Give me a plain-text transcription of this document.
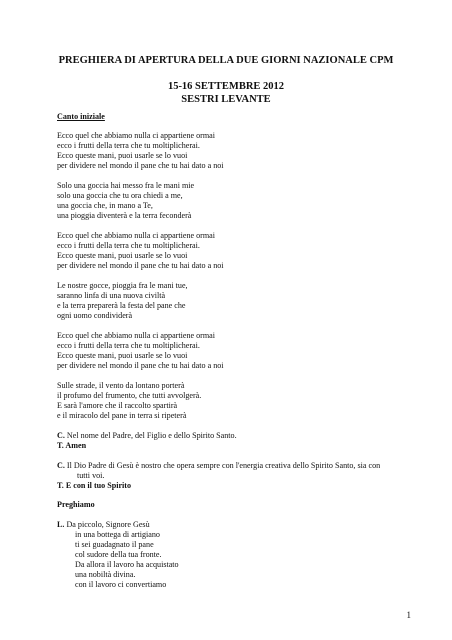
PREGHIERA DI APERTURA DELLA DUE GIORNI NAZIONALE CPM

15-16 SETTEMBRE 2012

SESTRI LEVANTE

Canto iniziale

Ecco quel che abbiamo nulla ci appartiene ormai
ecco i frutti della terra che tu moltiplicherai.
Ecco queste mani, puoi usarle se lo vuoi
per dividere nel mondo il pane che tu hai dato a noi
Solo una goccia hai messo fra le mani mie
solo una goccia che tu ora chiedi a me,
una goccia che, in mano a Te,
una pioggia diventerà e la terra feconderà
Ecco quel che abbiamo nulla ci appartiene ormai
ecco i frutti della terra che tu moltiplicherai.
Ecco queste mani, puoi usarle se lo vuoi
per dividere nel mondo il pane che tu hai dato a noi
Le nostre gocce, pioggia fra le mani tue,
saranno linfa di una nuova civiltà
e la terra preparerà la festa del pane che
ogni uomo condividerà
Ecco quel che abbiamo nulla ci appartiene ormai
ecco i frutti della terra che tu moltiplicherai.
Ecco queste mani, puoi usarle se lo vuoi
per dividere nel mondo il pane che tu hai dato a noi
Sulle strade, il vento da lontano porterà
il profumo del frumento, che tutti avvolgerà.
E sarà l'amore che il raccolto spartirà
e il miracolo del pane in terra si ripeterà
C. Nel nome del Padre, del Figlio e dello Spirito Santo.
T. Amen
C. Il Dio Padre di Gesù è nostro che opera sempre con l'energia creativa dello Spirito Santo, sia con
tutti voi.
T. E con il tuo Spirito

Preghiamo

L. Da piccolo, Signore Gesù
in una bottega di artigiano
ti sei guadagnato il pane
col sudore della tua fronte.
Da allora il lavoro ha acquistato
una nobiltà divina.
con il lavoro ci convertiamo
1
